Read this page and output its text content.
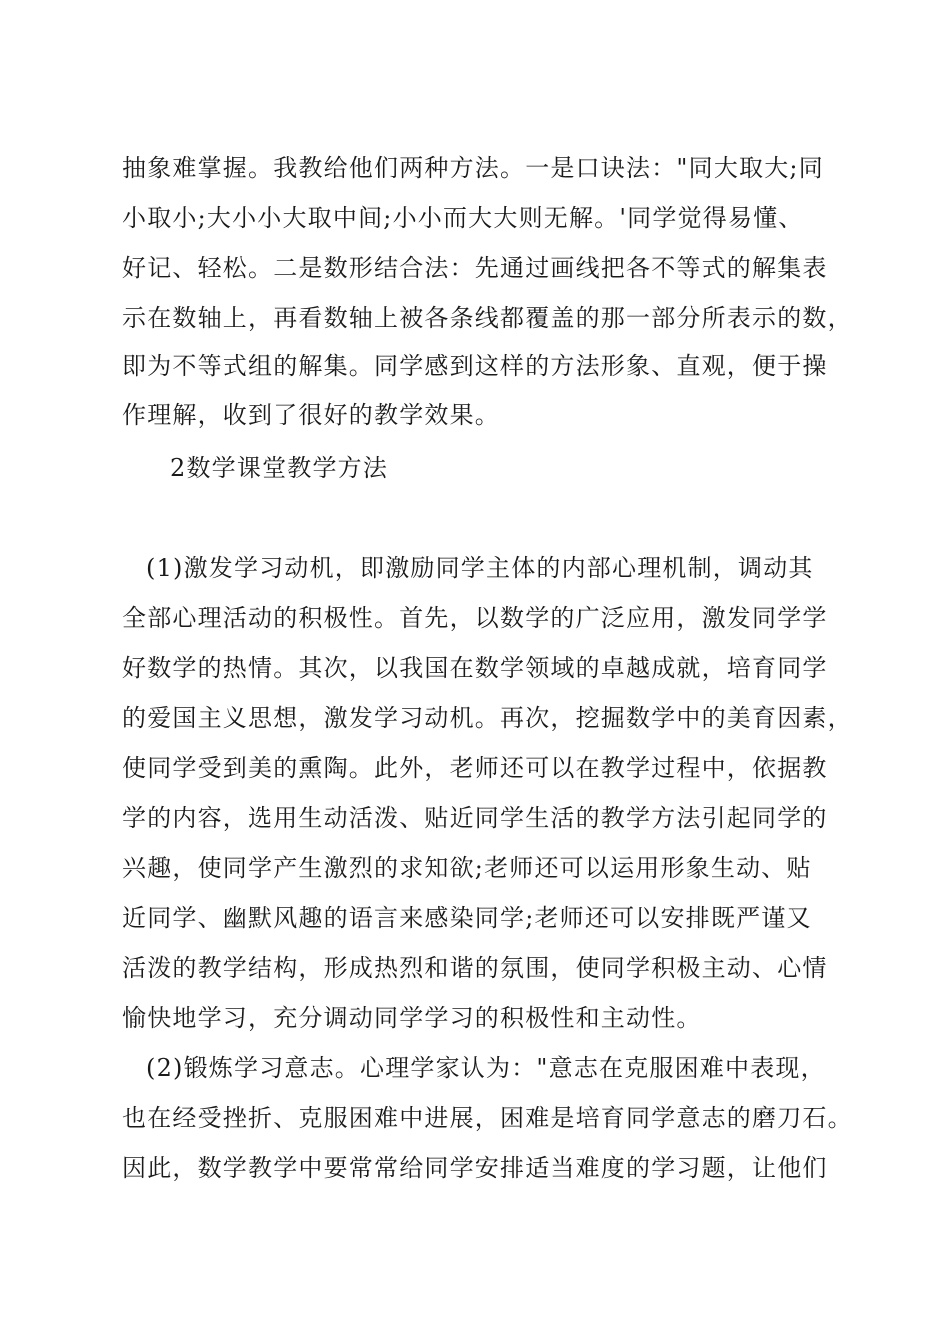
抽象难掌握。我教给他们两种方法。一是口诀法："同大取大;同
小取小;大小小大取中间;小小而大大则无解。'同学觉得易懂、
好记、轻松。二是数形结合法：先通过画线把各不等式的解集表
示在数轴上，再看数轴上被各条线都覆盖的那一部分所表示的数，
即为不等式组的解集。同学感到这样的方法形象、直观，便于操
作理解，收到了很好的教学效果。
2数学课堂教学方法
(1)激发学习动机，即激励同学主体的内部心理机制，调动其
全部心理活动的积极性。首先，以数学的广泛应用，激发同学学
好数学的热情。其次，以我国在数学领域的卓越成就，培育同学
的爱国主义思想，激发学习动机。再次，挖掘数学中的美育因素，
使同学受到美的熏陶。此外，老师还可以在教学过程中，依据教
学的内容，选用生动活泼、贴近同学生活的教学方法引起同学的
兴趣，使同学产生激烈的求知欲;老师还可以运用形象生动、贴
近同学、幽默风趣的语言来感染同学;老师还可以安排既严谨又
活泼的教学结构，形成热烈和谐的氛围，使同学积极主动、心情
愉快地学习，充分调动同学学习的积极性和主动性。
(2)锻炼学习意志。心理学家认为："意志在克服困难中表现，
也在经受挫折、克服困难中进展，困难是培育同学意志的磨刀石。
因此，数学教学中要常常给同学安排适当难度的学习题，让他们
